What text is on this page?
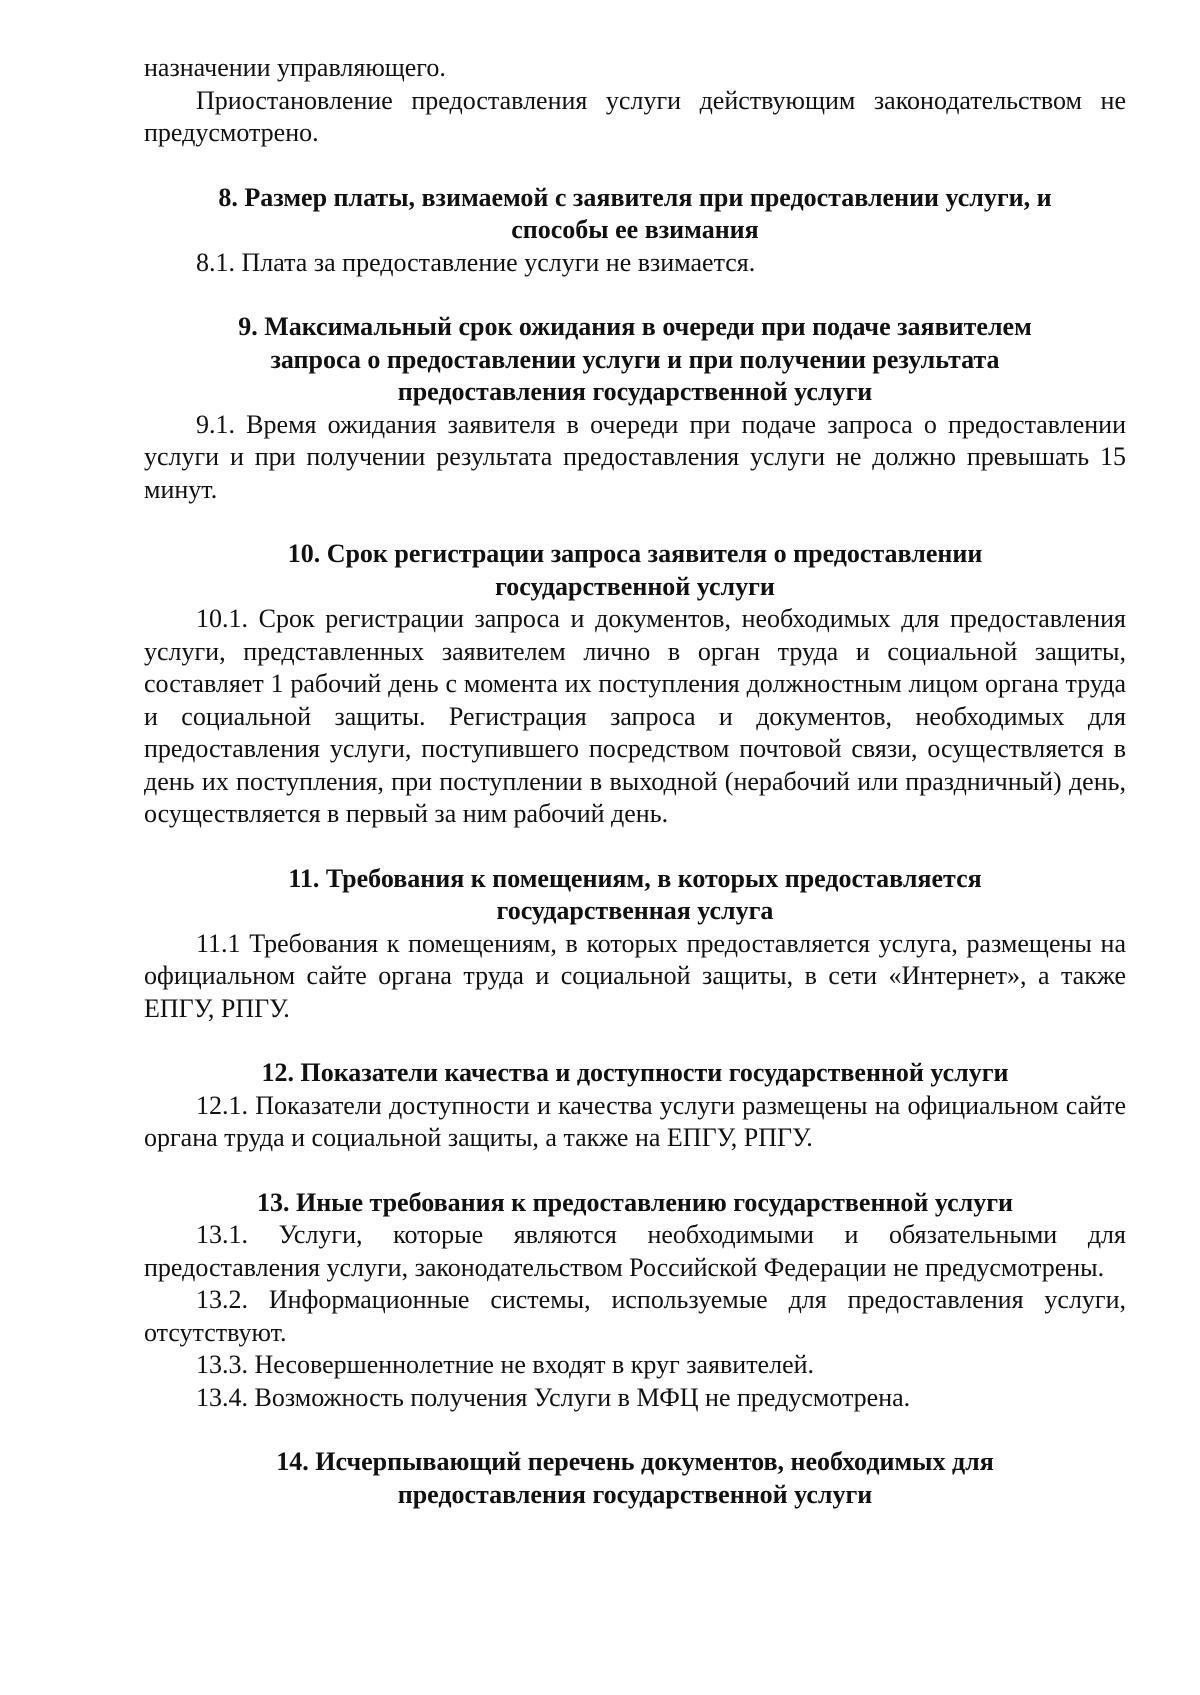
назначении управляющего.

Приостановление предоставления услуги действующим законодательством не предусмотрено.

8. Размер платы, взимаемой с заявителя при предоставлении услуги, и
способы ее взимания

8.1. Плата за предоставление услуги не взимается.

9. Максимальный срок ожидания в очереди при подаче заявителем
запроса о предоставлении услуги и при получении результата
предоставления государственной услуги

9.1. Время ожидания заявителя в очереди при подаче запроса о предоставлении услуги и при получении результата предоставления услуги не должно превышать 15 минут.

10. Срок регистрации запроса заявителя о предоставлении
государственной услуги

10.1. Срок регистрации запроса и документов, необходимых для предоставления услуги, представленных заявителем лично в орган труда и социальной защиты, составляет 1 рабочий день с момента их поступления должностным лицом органа труда и социальной защиты. Регистрация запроса и документов, необходимых для предоставления услуги, поступившего посредством почтовой связи, осуществляется в день их поступления, при поступлении в выходной (нерабочий или праздничный) день, осуществляется в первый за ним рабочий день.

11. Требования к помещениям, в которых предоставляется
государственная услуга

11.1 Требования к помещениям, в которых предоставляется услуга, размещены на официальном сайте органа труда и социальной защиты, в сети «Интернет», а также ЕПГУ, РПГУ.

12. Показатели качества и доступности государственной услуги

12.1. Показатели доступности и качества услуги размещены на официальном сайте органа труда и социальной защиты, а также на ЕПГУ, РПГУ.

13. Иные требования к предоставлению государственной услуги

13.1. Услуги, которые являются необходимыми и обязательными для предоставления услуги, законодательством Российской Федерации не предусмотрены.

13.2. Информационные системы, используемые для предоставления услуги, отсутствуют.

13.3. Несовершеннолетние не входят в круг заявителей.

13.4. Возможность получения Услуги в МФЦ не предусмотрена.

14. Исчерпывающий перечень документов, необходимых для
предоставления государственной услуги
